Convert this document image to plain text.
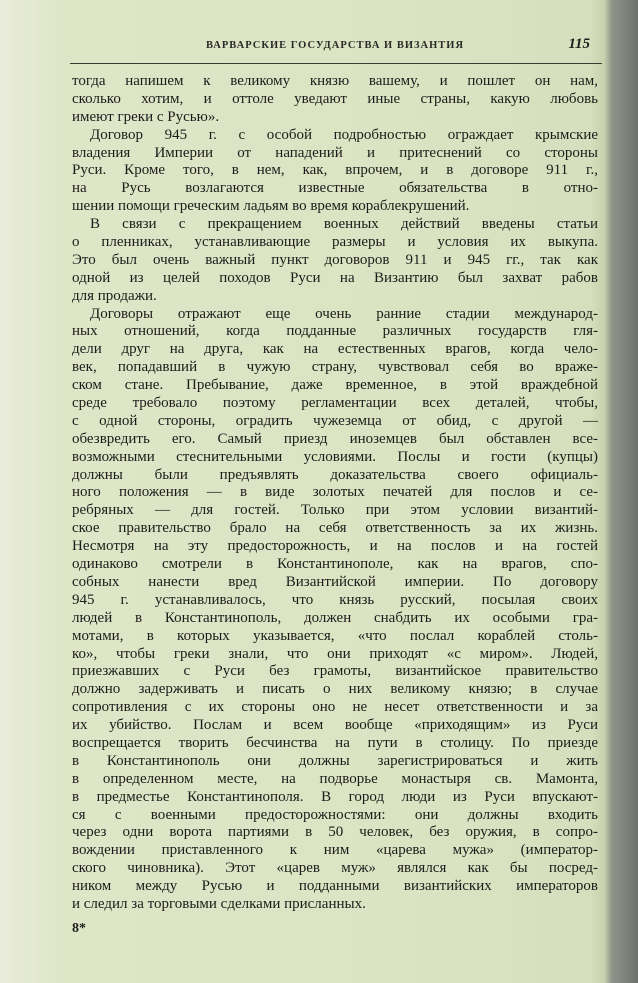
ВАРВАРСКИЕ ГОСУДАРСТВА И ВИЗАНТИЯ	115
тогда напишем к великому князю вашему, и пошлет он нам,
сколько хотим, и оттоле уведают иные страны, какую любовь
имеют греки с Русью».
Договор 945 г. с особой подробностью ограждает крымские
владения Империи от нападений и притеснений со стороны
Руси. Кроме того, в нем, как, впрочем, и в договоре 911 г.,
на Русь возлагаются известные обязательства в отно-
шении помощи греческим ладьям во время кораблекрушений.
В связи с прекращением военных действий введены статьи
о пленниках, устанавливающие размеры и условия их выкупа.
Это был очень важный пункт договоров 911 и 945 гг., так как
одной из целей походов Руси на Византию был захват рабов
для продажи.
Договоры отражают еще очень ранние стадии международ-
ных отношений, когда подданные различных государств гля-
дели друг на друга, как на естественных врагов, когда чело-
век, попадавший в чужую страну, чувствовал себя во враже-
ском стане. Пребывание, даже временное, в этой враждебной
среде требовало поэтому регламентации всех деталей, чтобы,
с одной стороны, оградить чужеземца от обид, с другой —
обезвредить его. Самый приезд иноземцев был обставлен все-
возможными стеснительными условиями. Послы и гости (купцы)
должны были предъявлять доказательства своего официаль-
ного положения — в виде золотых печатей для послов и се-
ребряных — для гостей. Только при этом условии византий-
ское правительство брало на себя ответственность за их жизнь.
Несмотря на эту предосторожность, и на послов и на гостей
одинаково смотрели в Константинополе, как на врагов, спо-
собных нанести вред Византийской империи. По договору
945 г. устанавливалось, что князь русский, посылая своих
людей в Константинополь, должен снабдить их особыми гра-
мотами, в которых указывается, «что послал кораблей столь-
ко», чтобы греки знали, что они приходят «с миром». Людей,
приезжавших с Руси без грамоты, византийское правительство
должно задерживать и писать о них великому князю; в случае
сопротивления с их стороны оно не несет ответственности и за
их убийство. Послам и всем вообще «приходящим» из Руси
воспрещается творить бесчинства на пути в столицу. По приезде
в Константинополь они должны зарегистрироваться и жить
в определенном месте, на подворье монастыря св. Мамонта,
в предместье Константинополя. В город люди из Руси впускают-
ся с военными предосторожностями: они должны входить
через одни ворота партиями в 50 человек, без оружия, в сопро-
вождении приставленного к ним «царева мужа» (император-
ского чиновника). Этот «царев муж» являлся как бы посред-
ником между Русью и подданными византийских императоров
и следил за торговыми сделками присланных.
8*
